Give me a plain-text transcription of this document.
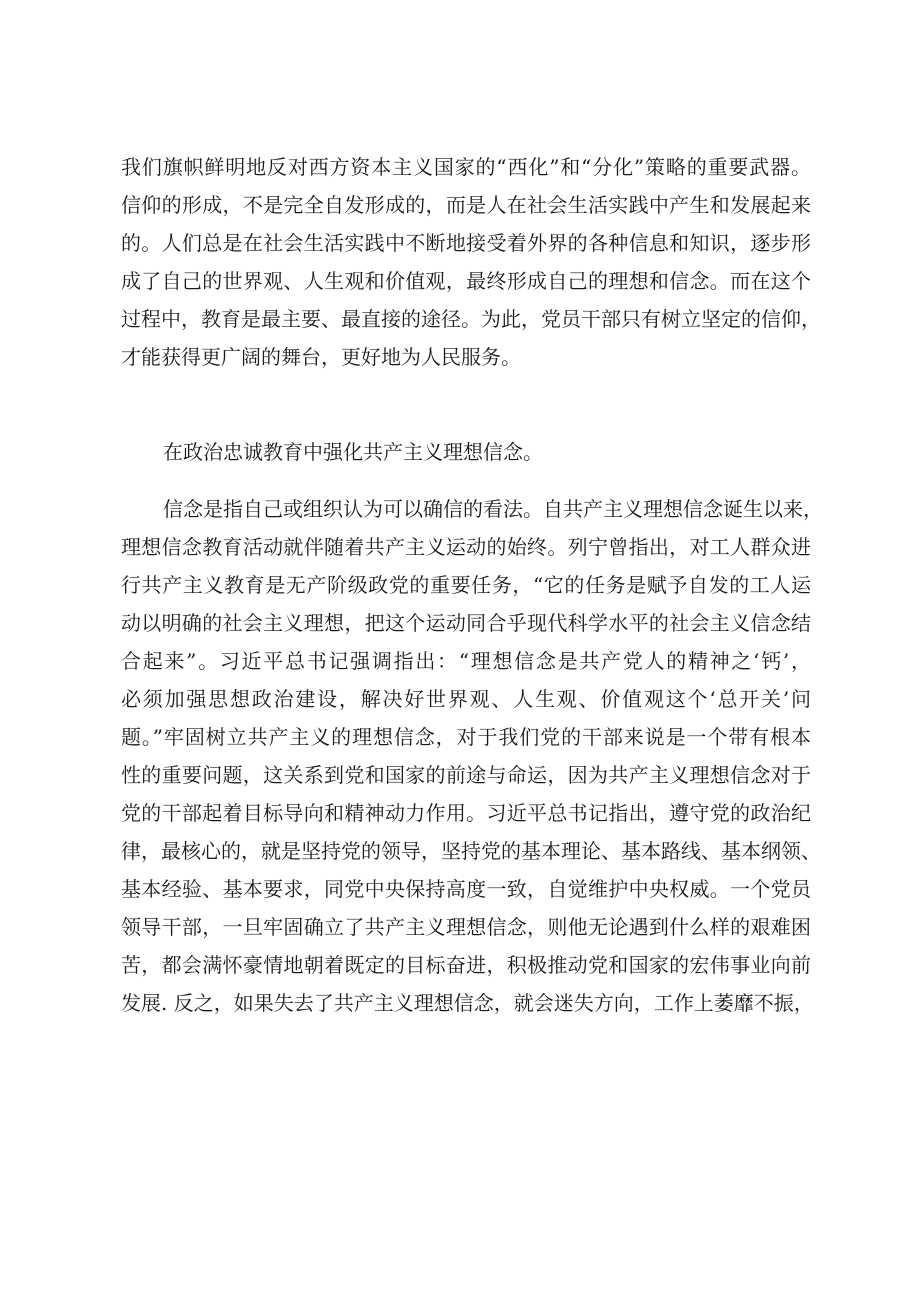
我们旗帜鲜明地反对西方资本主义国家的“西化”和“分化”策略的重要武器。
信仰的形成，不是完全自发形成的，而是人在社会生活实践中产生和发展起来
的。人们总是在社会生活实践中不断地接受着外界的各种信息和知识，逐步形
成了自己的世界观、人生观和价值观，最终形成自己的理想和信念。而在这个
过程中，教育是最主要、最直接的途径。为此，党员干部只有树立坚定的信仰，
才能获得更广阔的舞台，更好地为人民服务。
在政治忠诚教育中强化共产主义理想信念。
信念是指自己或组织认为可以确信的看法。自共产主义理想信念诞生以来，
理想信念教育活动就伴随着共产主义运动的始终。列宁曾指出，对工人群众进
行共产主义教育是无产阶级政党的重要任务，“它的任务是赋予自发的工人运
动以明确的社会主义理想，把这个运动同合乎现代科学水平的社会主义信念结
合起来”。习近平总书记强调指出：“理想信念是共产党人的精神之‘钙’，
必须加强思想政治建设，解决好世界观、人生观、价值观这个‘总开关’问
题。”牢固树立共产主义的理想信念，对于我们党的干部来说是一个带有根本
性的重要问题，这关系到党和国家的前途与命运，因为共产主义理想信念对于
党的干部起着目标导向和精神动力作用。习近平总书记指出，遵守党的政治纪
律，最核心的，就是坚持党的领导，坚持党的基本理论、基本路线、基本纲领、
基本经验、基本要求，同党中央保持高度一致，自觉维护中央权威。一个党员
领导干部，一旦牢固确立了共产主义理想信念，则他无论遇到什么样的艰难困
苦，都会满怀豪情地朝着既定的目标奋进，积极推动党和国家的宏伟事业向前
发展. 反之，如果失去了共产主义理想信念，就会迷失方向，工作上萎靡不振，
